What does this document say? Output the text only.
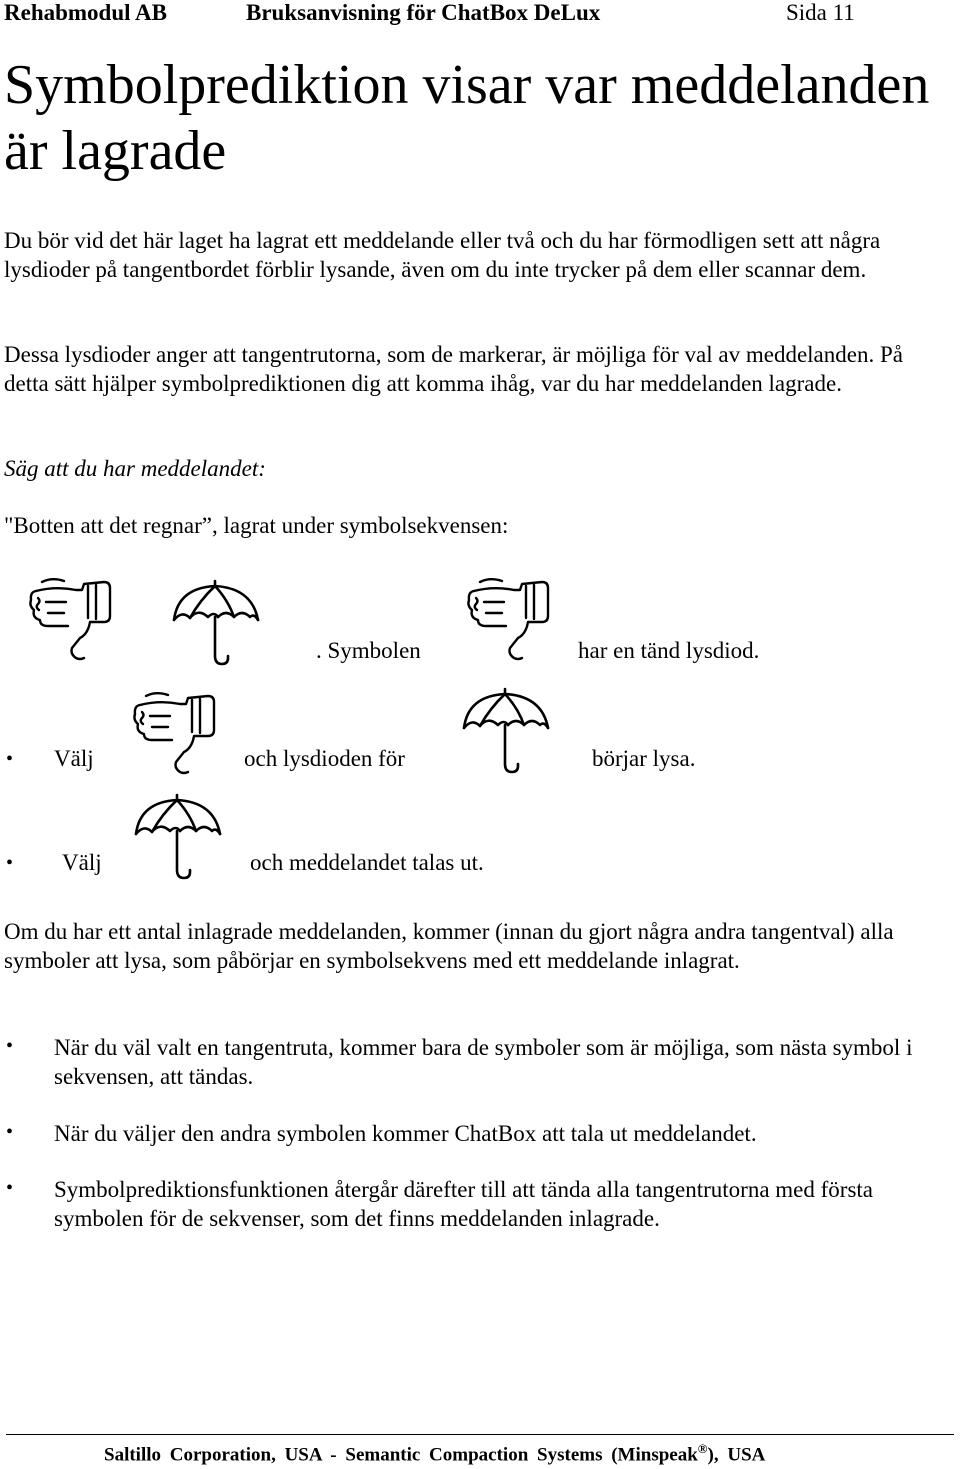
Rehabmodul AB	Bruksanvisning för ChatBox DeLux	Sida 11
Symbolprediktion visar var meddelanden är lagrade

Du bör vid det här laget ha lagrat ett meddelande eller två och du har förmodligen sett att några lysdioder på tangentbordet förblir lysande, även om du inte trycker på dem eller scannar dem.

Dessa lysdioder anger att tangentrutorna, som de markerar, är möjliga för val av meddelanden. På detta sätt hjälper symbolprediktionen dig att komma ihåg, var du har meddelanden lagrade.

Säg att du har meddelandet:

"Botten att det regnar”, lagrat under symbolsekvensen:

. Symbolen	har en tänd lysdiod.
• Välj	och lysdioden för	börjar lysa.
• Välj	och meddelandet talas ut.

Om du har ett antal inlagrade meddelanden, kommer (innan du gjort några andra tangentval) alla symboler att lysa, som påbörjar en symbolsekvens med ett meddelande inlagrat.

• När du väl valt en tangentruta, kommer bara de symboler som är möjliga, som nästa symbol i sekvensen, att tändas.

• När du väljer den andra symbolen kommer ChatBox att tala ut meddelandet.

• Symbolprediktionsfunktionen återgår därefter till att tända alla tangentrutorna med första symbolen för de sekvenser, som det finns meddelanden inlagrade.

Saltillo Corporation, USA - Semantic Compaction Systems (Minspeak®), USA
